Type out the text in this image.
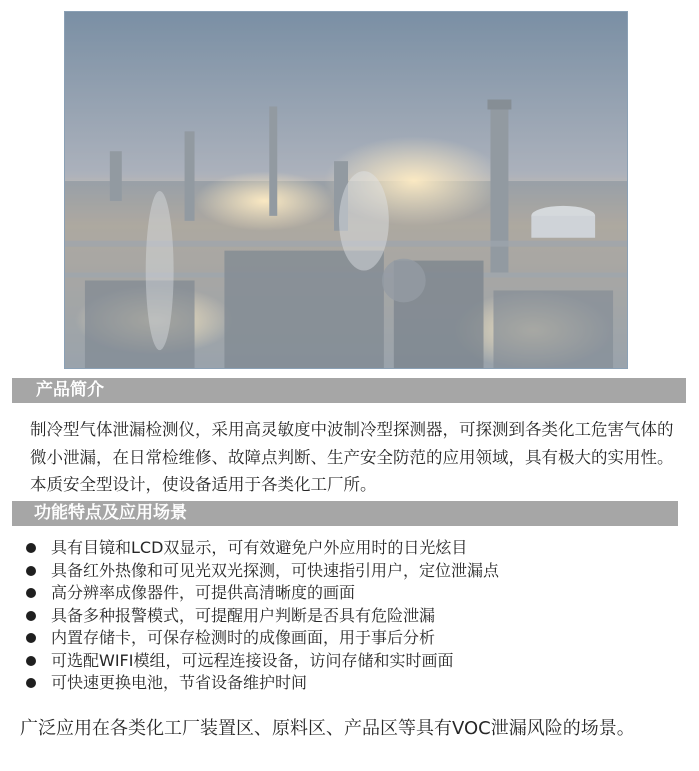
产品简介
制冷型气体泄漏检测仪，采用高灵敏度中波制冷型探测器，可探测到各类化工危害气体的微小泄漏，在日常检维修、故障点判断、生产安全防范的应用领域，具有极大的实用性。本质安全型设计，使设备适用于各类化工厂所。
功能特点及应用场景
具有目镜和LCD双显示，可有效避免户外应用时的日光炫目
具备红外热像和可见光双光探测，可快速指引用户，定位泄漏点
高分辨率成像器件，可提供高清晰度的画面
具备多种报警模式，可提醒用户判断是否具有危险泄漏
内置存储卡，可保存检测时的成像画面，用于事后分析
可选配WIFI模组，可远程连接设备，访问存储和实时画面
可快速更换电池，节省设备维护时间
广泛应用在各类化工厂装置区、原料区、产品区等具有VOC泄漏风险的场景。
